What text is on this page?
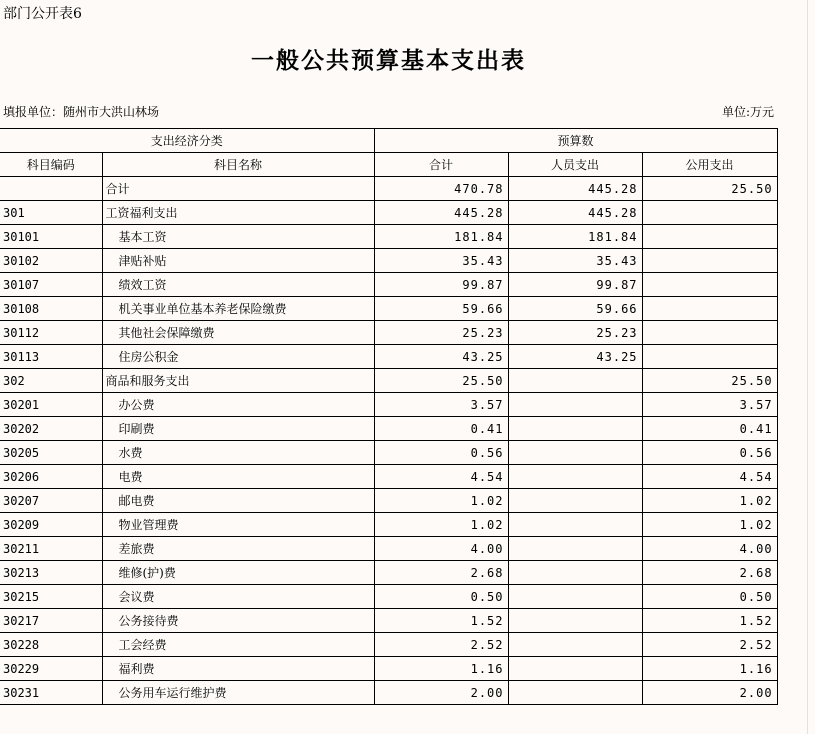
部门公开表6
一般公共预算基本支出表
填报单位：随州市大洪山林场	单位:万元
支出经济分类		预算数		
科目编码	科目名称	合计	人员支出	公用支出
	合计	470.78	445.28	25.50
301	工资福利支出	445.28	445.28	
30101	基本工资	181.84	181.84	
30102	津贴补贴	35.43	35.43	
30107	绩效工资	99.87	99.87	
30108	机关事业单位基本养老保险缴费	59.66	59.66	
30112	其他社会保障缴费	25.23	25.23	
30113	住房公积金	43.25	43.25	
302	商品和服务支出	25.50		25.50
30201	办公费	3.57		3.57
30202	印刷费	0.41		0.41
30205	水费	0.56		0.56
30206	电费	4.54		4.54
30207	邮电费	1.02		1.02
30209	物业管理费	1.02		1.02
30211	差旅费	4.00		4.00
30213	维修(护)费	2.68		2.68
30215	会议费	0.50		0.50
30217	公务接待费	1.52		1.52
30228	工会经费	2.52		2.52
30229	福利费	1.16		1.16
30231	公务用车运行维护费	2.00		2.00
